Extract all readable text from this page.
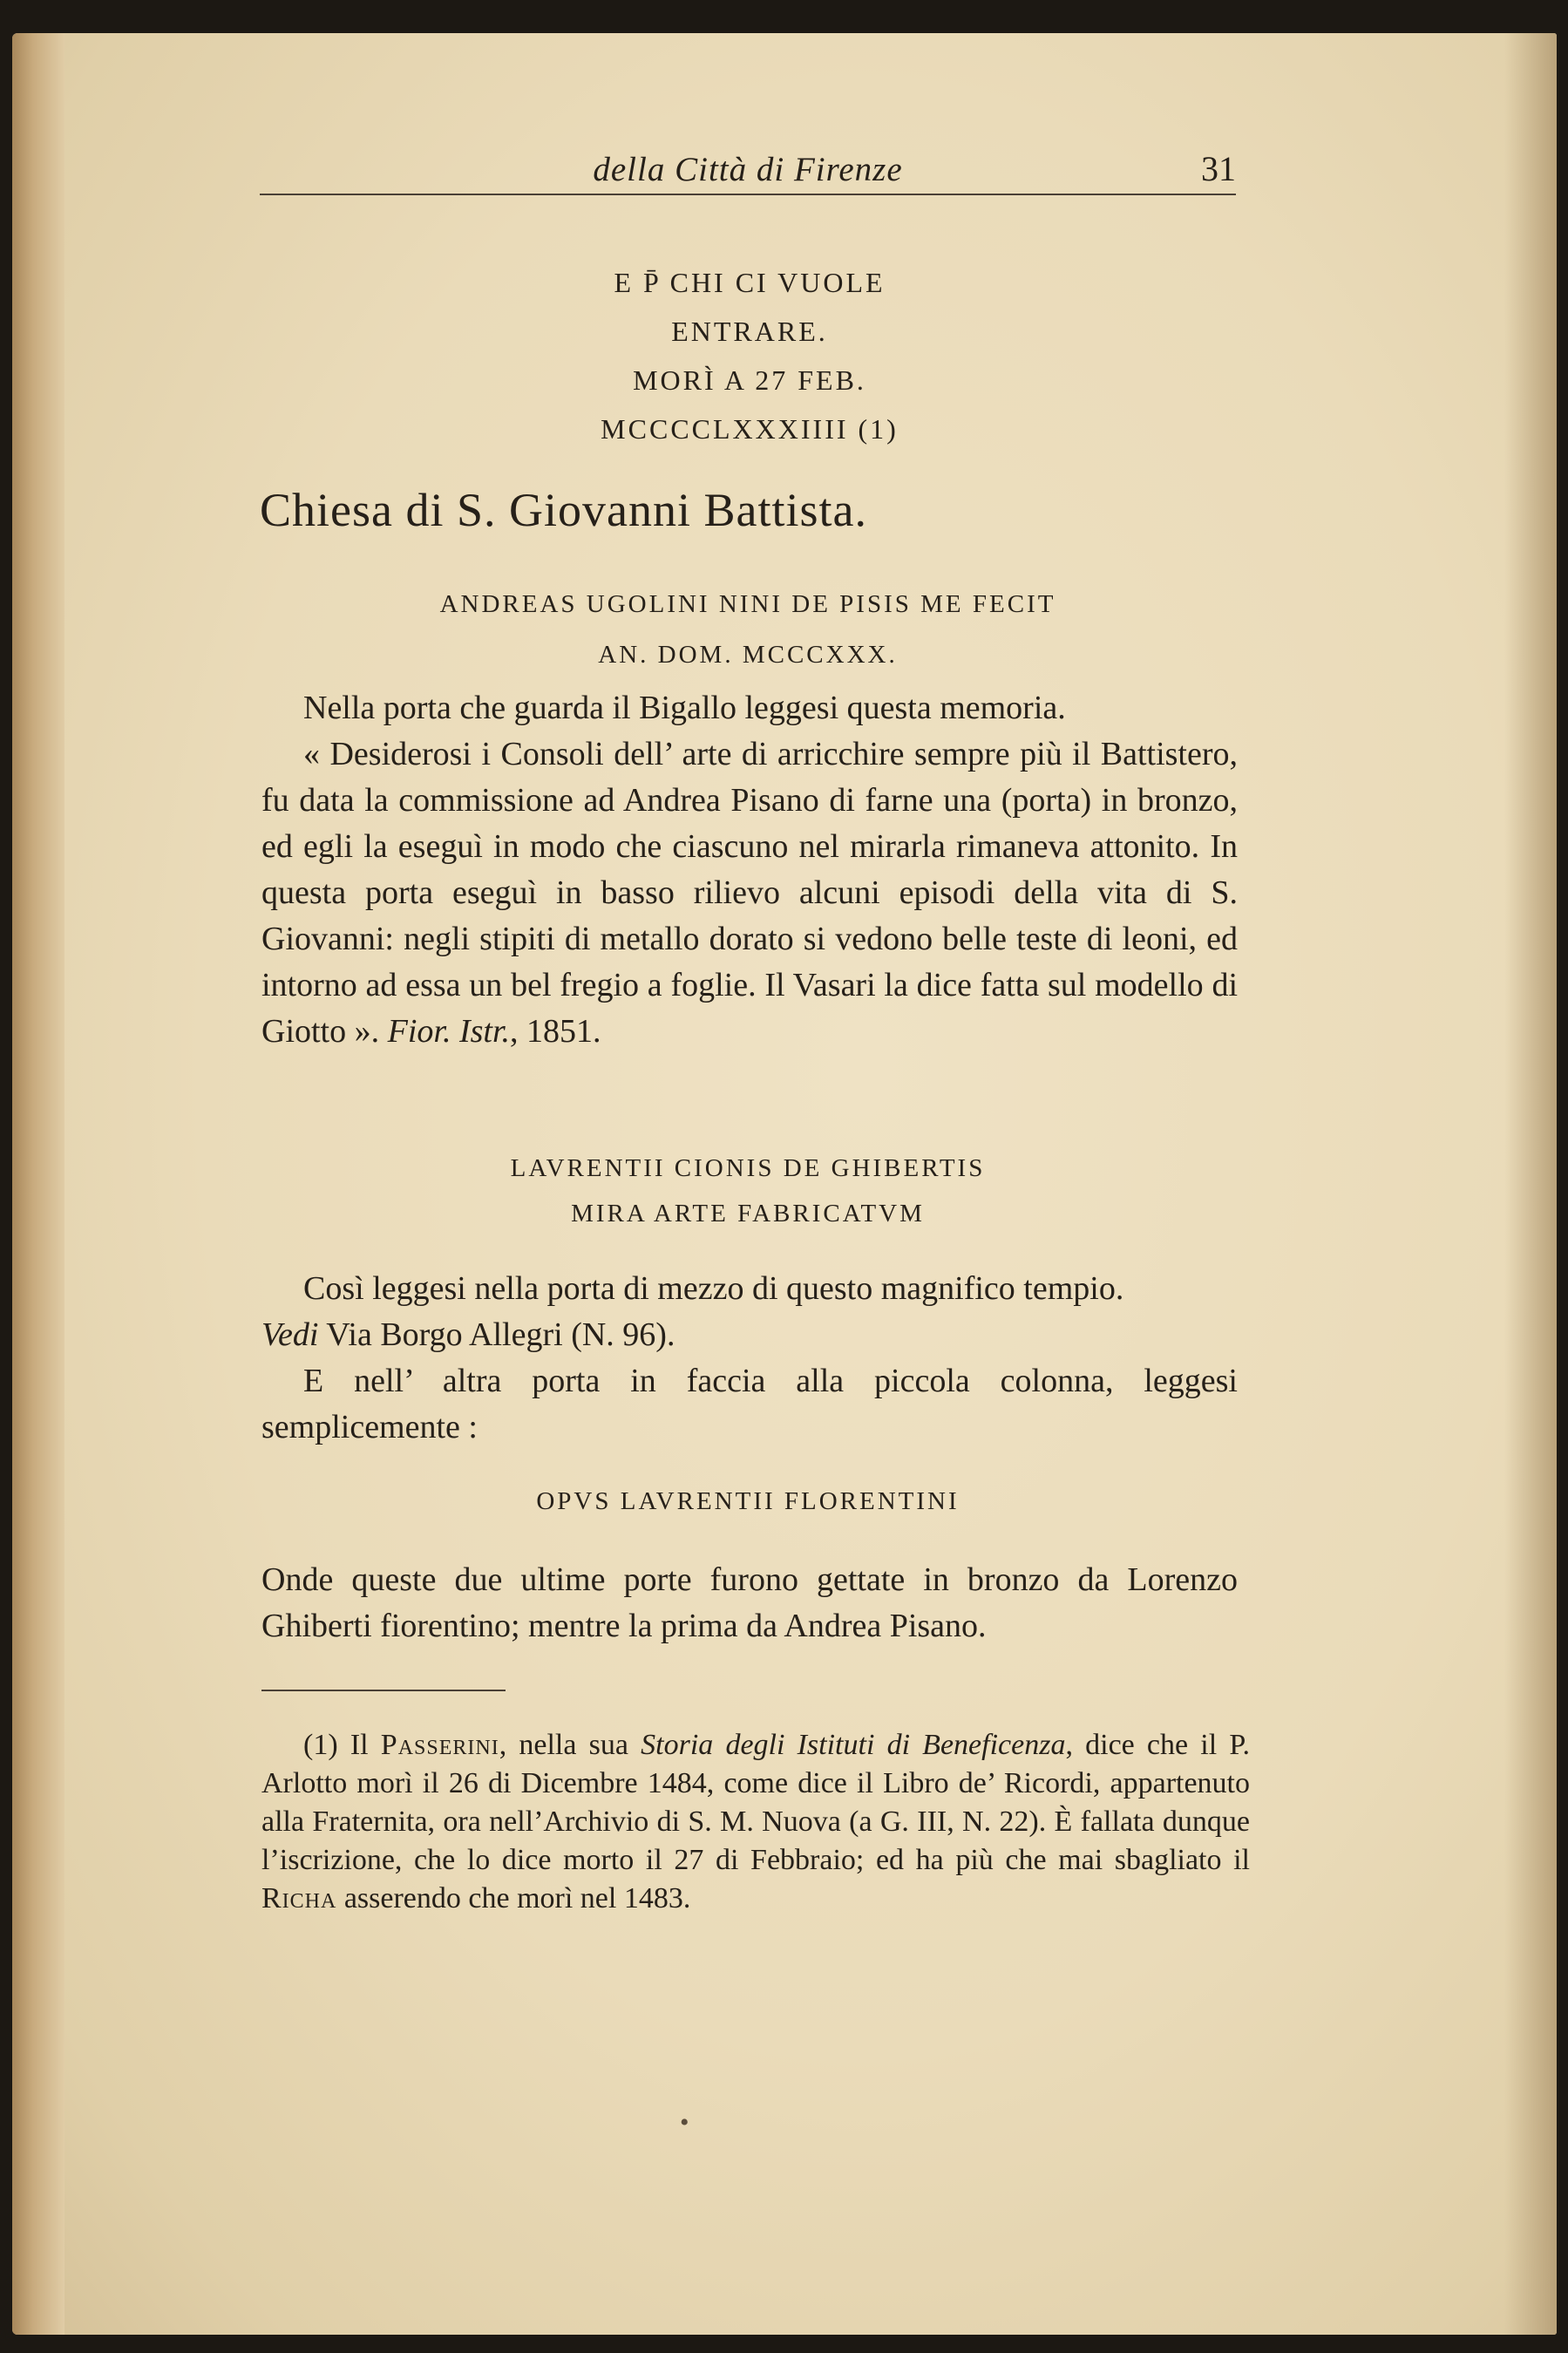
della Città di Firenze	31
E P̄ CHI CI VUOLE
ENTRARE.
MORÌ A 27 FEB.
MCCCCLXXXIIII (1)
Chiesa di S. Giovanni Battista.
ANDREAS UGOLINI NINI DE PISIS ME FECIT
AN. DOM. MCCCXXX.

Nella porta che guarda il Bigallo leggesi questa memoria.

« Desiderosi i Consoli dell’ arte di arricchire sempre più il Battistero, fu data la commissione ad Andrea Pisano di farne una (porta) in bronzo, ed egli la eseguì in modo che ciascuno nel mirarla rimaneva attonito. In questa porta eseguì in basso rilievo alcuni episodi della vita di S. Giovanni: negli stipiti di metallo dorato si vedono belle teste di leoni, ed intorno ad essa un bel fregio a foglie. Il Vasari la dice fatta sul modello di Giotto ». Fior. Istr., 1851.

LAVRENTII CIONIS DE GHIBERTIS
MIRA ARTE FABRICATVM

Così leggesi nella porta di mezzo di questo magnifico tempio.

Vedi Via Borgo Allegri (N. 96).

E nell’ altra porta in faccia alla piccola colonna, leggesi semplicemente :

OPVS LAVRENTII FLORENTINI

Onde queste due ultime porte furono gettate in bronzo da Lorenzo Ghiberti fiorentino; mentre la prima da Andrea Pisano.

(1) Il Passerini, nella sua Storia degli Istituti di Beneficenza, dice che il P. Arlotto morì il 26 di Dicembre 1484, come dice il Libro de’ Ricordi, appartenuto alla Fraternita, ora nell’Archivio di S. M. Nuova (a G. III, N. 22). È fallata dunque l’iscrizione, che lo dice morto il 27 di Febbraio; ed ha più che mai sbagliato il Richa asserendo che morì nel 1483.

•
